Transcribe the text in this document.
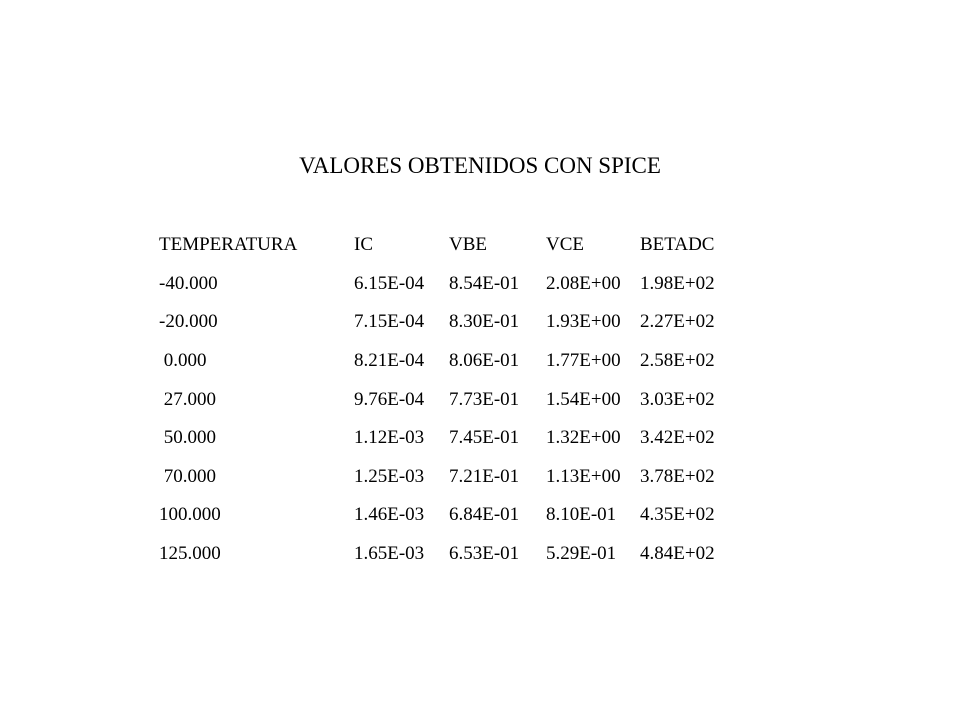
VALORES OBTENIDOS CON SPICE
TEMPERATURA	IC	VBE	VCE	BETADC
-40.000	6.15E-04	8.54E-01	2.08E+00	1.98E+02
-20.000	7.15E-04	8.30E-01	1.93E+00	2.27E+02
0.000	8.21E-04	8.06E-01	1.77E+00	2.58E+02
27.000	9.76E-04	7.73E-01	1.54E+00	3.03E+02
50.000	1.12E-03	7.45E-01	1.32E+00	3.42E+02
70.000	1.25E-03	7.21E-01	1.13E+00	3.78E+02
100.000	1.46E-03	6.84E-01	8.10E-01	4.35E+02
125.000	1.65E-03	6.53E-01	5.29E-01	4.84E+02
